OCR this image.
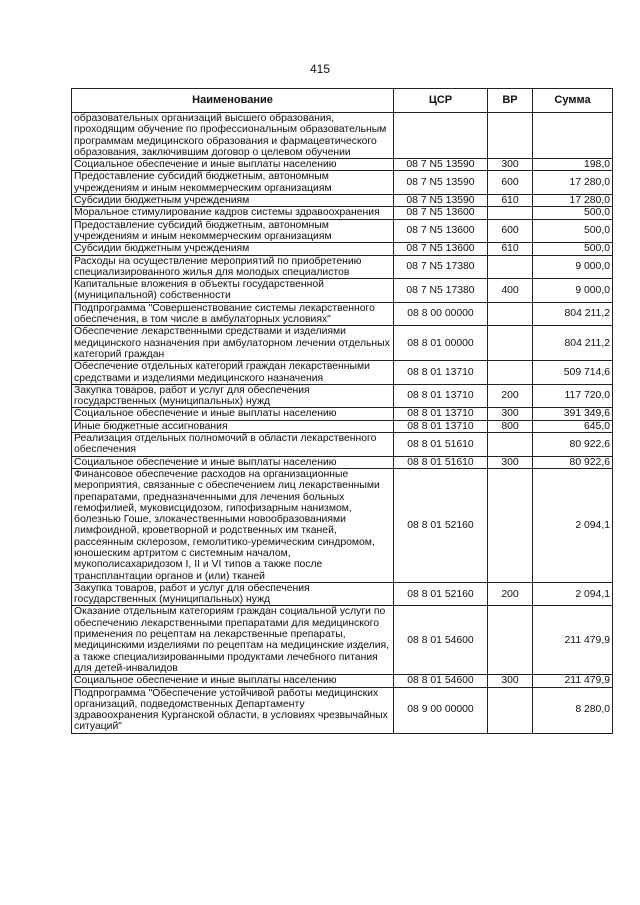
415
Наименование	ЦСР	ВР	Сумма
образовательных организаций высшего образования, проходящим обучение по профессиональным образовательным программам медицинского образования и фармацевтического образования, заключившим договор о целевом обучении			
Социальное обеспечение и иные выплаты населению	08 7 N5 13590	300	198,0
Предоставление субсидий бюджетным, автономным учреждениям и иным некоммерческим организациям	08 7 N5 13590	600	17 280,0
Субсидии бюджетным учреждениям	08 7 N5 13590	610	17 280,0
Моральное стимулирование кадров системы здравоохранения	08 7 N5 13600		500,0
Предоставление субсидий бюджетным, автономным учреждениям и иным некоммерческим организациям	08 7 N5 13600	600	500,0
Субсидии бюджетным учреждениям	08 7 N5 13600	610	500,0
Расходы на осуществление мероприятий по приобретению специализированного жилья для молодых специалистов	08 7 N5 17380		9 000,0
Капитальные вложения в объекты государственной (муниципальной) собственности	08 7 N5 17380	400	9 000,0
Подпрограмма "Совершенствование системы лекарственного обеспечения, в том числе в амбулаторных условиях"	08 8 00 00000		804 211,2
Обеспечение лекарственными средствами и изделиями медицинского назначения при амбулаторном лечении отдельных категорий граждан	08 8 01 00000		804 211,2
Обеспечение отдельных категорий граждан лекарственными средствами и изделиями медицинского назначения	08 8 01 13710		509 714,6
Закупка товаров, работ и услуг для обеспечения государственных (муниципальных) нужд	08 8 01 13710	200	117 720,0
Социальное обеспечение и иные выплаты населению	08 8 01 13710	300	391 349,6
Иные бюджетные ассигнования	08 8 01 13710	800	645,0
Реализация отдельных полномочий в области лекарственного обеспечения	08 8 01 51610		80 922,6
Социальное обеспечение и иные выплаты населению	08 8 01 51610	300	80 922,6
Финансовое обеспечение расходов на организационные мероприятия, связанные с обеспечением лиц лекарственными препаратами, предназначенными для лечения больных гемофилией, муковисцидозом, гипофизарным нанизмом, болезнью Гоше, злокачественными новообразованиями лимфоидной, кроветворной и родственных им тканей, рассеянным склерозом, гемолитико-уремическим синдромом, юношеским артритом с системным началом, мукополисахаридозом I, II и VI типов а также после трансплантации органов и (или) тканей	08 8 01 52160		2 094,1
Закупка товаров, работ и услуг для обеспечения государственных (муниципальных) нужд	08 8 01 52160	200	2 094,1
Оказание отдельным категориям граждан социальной услуги по обеспечению лекарственными препаратами для медицинского применения по рецептам на лекарственные препараты, медицинскими изделиями по рецептам на медицинские изделия, а также специализированными продуктами лечебного питания для детей-инвалидов	08 8 01 54600		211 479,9
Социальное обеспечение и иные выплаты населению	08 8 01 54600	300	211 479,9
Подпрограмма "Обеспечение устойчивой работы медицинских организаций, подведомственных Департаменту здравоохранения Курганской области, в условиях чрезвычайных ситуаций"	08 9 00 00000		8 280,0
